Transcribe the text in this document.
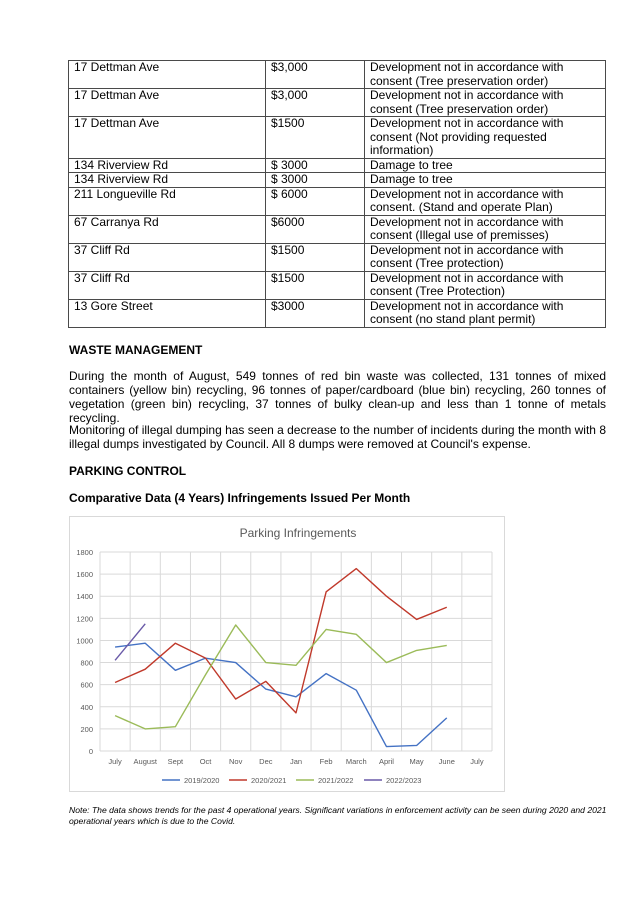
17 Dettman Ave	$3,000	Development not in accordance with consent (Tree preservation order)
17 Dettman Ave	$3,000	Development not in accordance with consent (Tree preservation order)
17 Dettman Ave	$1500	Development not in accordance with consent (Not providing requested information)
134 Riverview Rd	$ 3000	Damage to tree
134 Riverview Rd	$ 3000	Damage to tree
211 Longueville Rd	$ 6000	Development not in accordance with consent. (Stand and operate Plan)
67 Carranya Rd	$6000	Development not in accordance with consent (Illegal use of premisses)
37 Cliff Rd	$1500	Development not in accordance with consent (Tree protection)
37 Cliff Rd	$1500	Development not in accordance with consent (Tree Protection)
13 Gore Street	$3000	Development not in accordance with consent (no stand plant permit)
WASTE MANAGEMENT
During the month of August, 549 tonnes of red bin waste was collected, 131 tonnes of mixed containers (yellow bin) recycling, 96 tonnes of paper/cardboard (blue bin) recycling, 260 tonnes of vegetation (green bin) recycling, 37 tonnes of bulky clean-up and less than 1 tonne of metals recycling.
Monitoring of illegal dumping has seen a decrease to the number of incidents during the month with 8 illegal dumps investigated by Council. All 8 dumps were removed at Council's expense.
PARKING CONTROL
Comparative Data (4 Years) Infringements Issued Per Month
Parking Infringements
0
200
400
600
800
1000
1200
1400
1600
1800
July August Sept Oct Nov Dec Jan Feb March April May June July
2019/2020	2020/2021	2021/2022	2022/2023
Note: The data shows trends for the past 4 operational years. Significant variations in enforcement activity can be seen during 2020 and 2021 operational years which is due to the Covid.
